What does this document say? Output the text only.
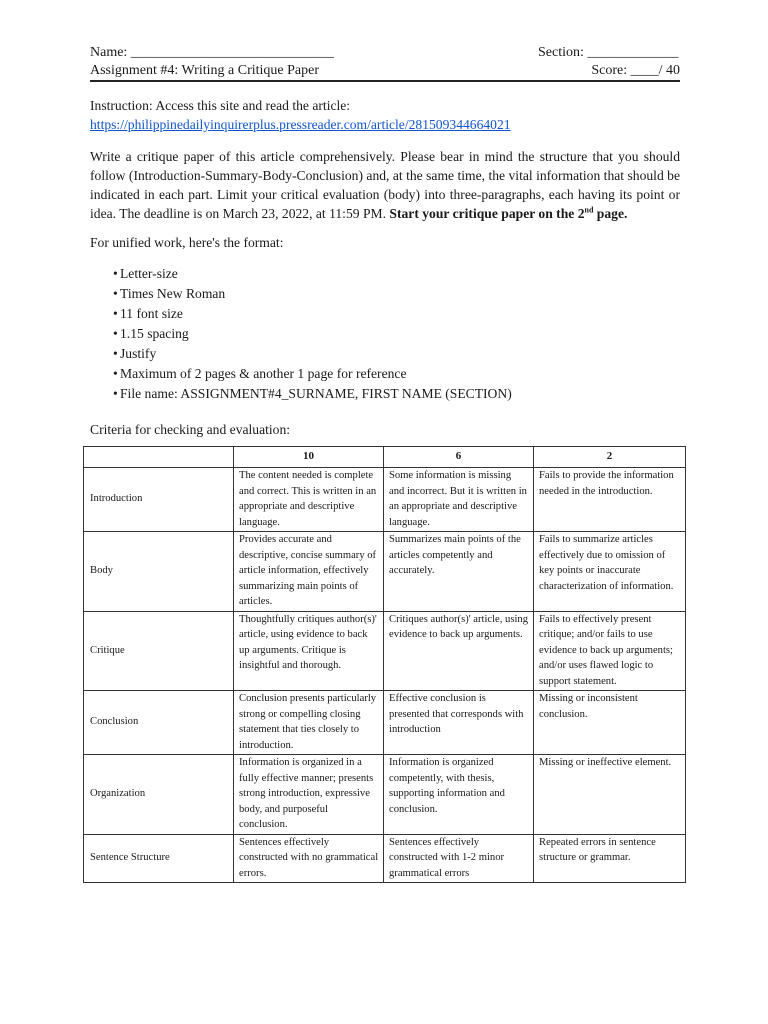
Name: _____________________________	Section: _____________
Assignment #4: Writing a Critique Paper	Score: ____/ 40
Instruction: Access this site and read the article:
https://philippinedailyinquirerplus.pressreader.com/article/281509344664021
Write a critique paper of this article comprehensively. Please bear in mind the structure that you should follow (Introduction-Summary-Body-Conclusion) and, at the same time, the vital information that should be indicated in each part. Limit your critical evaluation (body) into three-paragraphs, each having its point or idea. The deadline is on March 23, 2022, at 11:59 PM. Start your critique paper on the 2nd page.
For unified work, here's the format:
• Letter-size
• Times New Roman
• 11 font size
• 1.15 spacing
• Justify
• Maximum of 2 pages & another 1 page for reference
• File name: ASSIGNMENT#4_SURNAME, FIRST NAME (SECTION)
Criteria for checking and evaluation:
	10	6	2
Introduction	The content needed is complete and correct. This is written in an appropriate and descriptive language.	Some information is missing and incorrect. But it is written in an appropriate and descriptive language.	Fails to provide the information needed in the introduction.
Body	Provides accurate and descriptive, concise summary of article information, effectively summarizing main points of articles.	Summarizes main points of the articles competently and accurately.	Fails to summarize articles effectively due to omission of key points or inaccurate characterization of information.
Critique	Thoughtfully critiques author(s)' article, using evidence to back up arguments. Critique is insightful and thorough.	Critiques author(s)' article, using evidence to back up arguments.	Fails to effectively present critique; and/or fails to use evidence to back up arguments; and/or uses flawed logic to support statement.
Conclusion	Conclusion presents particularly strong or compelling closing statement that ties closely to introduction.	Effective conclusion is presented that corresponds with introduction	Missing or inconsistent conclusion.
Organization	Information is organized in a fully effective manner; presents strong introduction, expressive body, and purposeful conclusion.	Information is organized competently, with thesis, supporting information and conclusion.	Missing or ineffective element.
Sentence Structure	Sentences effectively constructed with no grammatical errors.	Sentences effectively constructed with 1-2 minor grammatical errors	Repeated errors in sentence structure or grammar.
